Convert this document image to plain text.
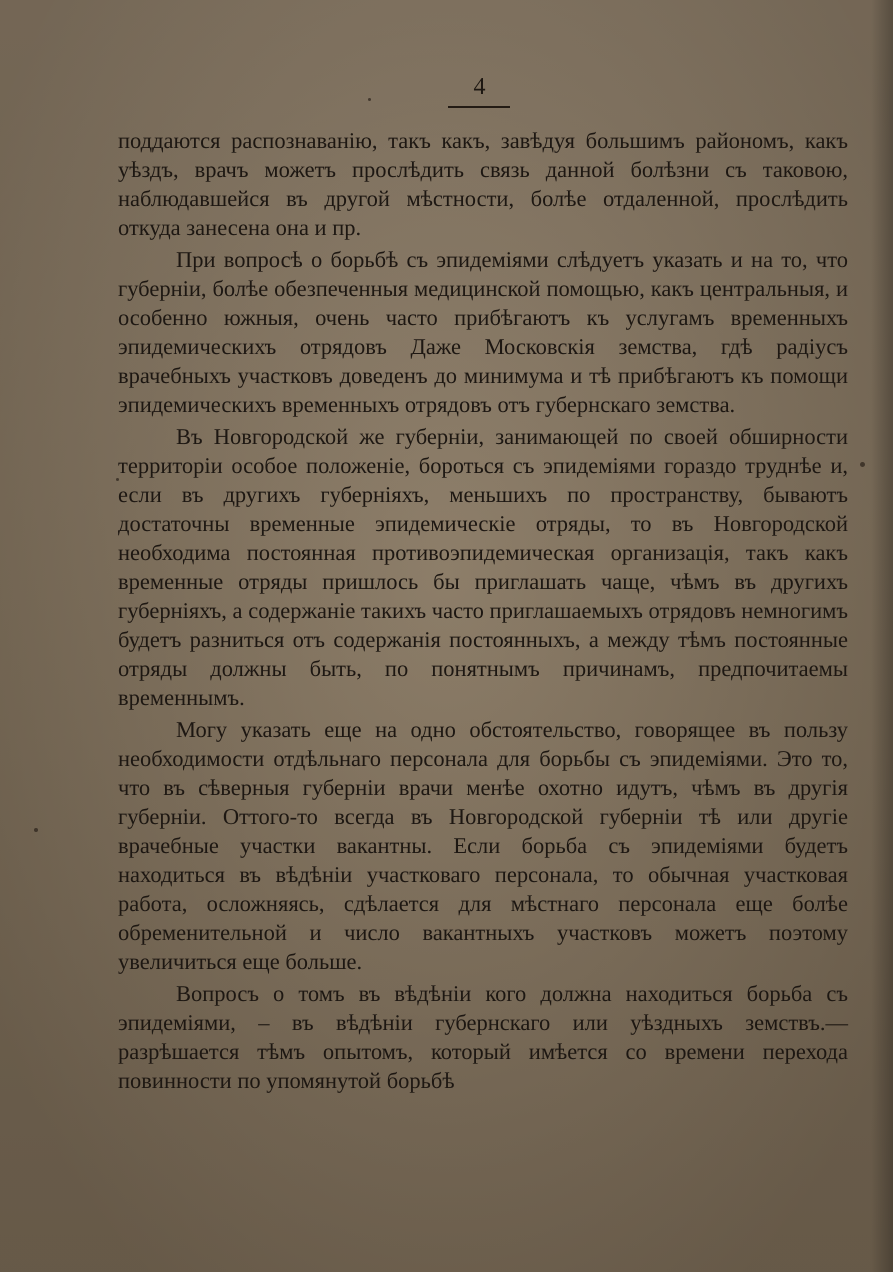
4

поддаются распознаванію, такъ какъ, завѣдуя большимъ райономъ, какъ уѣздъ, врачъ можетъ прослѣдить связь данной болѣзни съ таковою, наблюдавшейся въ другой мѣстности, болѣе отдаленной, прослѣдить откуда занесена она и пр.

При вопросѣ о борьбѣ съ эпидеміями слѣдуетъ указать и на то, что губерніи, болѣе обезпеченныя медицинской помощью, какъ центральныя, и особенно южныя, очень часто прибѣгаютъ къ услугамъ временныхъ эпидемическихъ отрядовъ Даже Московскія земства, гдѣ радіусъ врачебныхъ участковъ доведенъ до минимума и тѣ прибѣгаютъ къ помощи эпидемическихъ временныхъ отрядовъ отъ губернскаго земства.

Въ Новгородской же губерніи, занимающей по своей обширности территоріи особое положеніе, бороться съ эпидеміями гораздо труднѣе и, если въ другихъ губерніяхъ, меньшихъ по пространству, бываютъ достаточны временные эпидемическіе отряды, то въ Новгородской необходима постоянная противоэпидемическая организація, такъ какъ временные отряды пришлось бы приглашать чаще, чѣмъ въ другихъ губерніяхъ, а содержаніе такихъ часто приглашаемыхъ отрядовъ немногимъ будетъ разниться отъ содержанія постоянныхъ, а между тѣмъ постоянные отряды должны быть, по понятнымъ причинамъ, предпочитаемы временнымъ.

Могу указать еще на одно обстоятельство, говорящее въ пользу необходимости отдѣльнаго персонала для борьбы съ эпидеміями. Это то, что въ сѣверныя губерніи врачи менѣе охотно идутъ, чѣмъ въ другія губерніи. Оттого-то всегда въ Новгородской губерніи тѣ или другіе врачебные участки вакантны. Если борьба съ эпидеміями будетъ находиться въ вѣдѣніи участковаго персонала, то обычная участковая работа, осложняясь, сдѣлается для мѣстнаго персонала еще болѣе обременительной и число вакантныхъ участковъ можетъ поэтому увеличиться еще больше.

Вопросъ о томъ въ вѣдѣніи кого должна находиться борьба съ эпидеміями, – въ вѣдѣніи губернскаго или уѣздныхъ земствъ.—разрѣшается тѣмъ опытомъ, который имѣется со времени перехода повинности по упомянутой борьбѣ
